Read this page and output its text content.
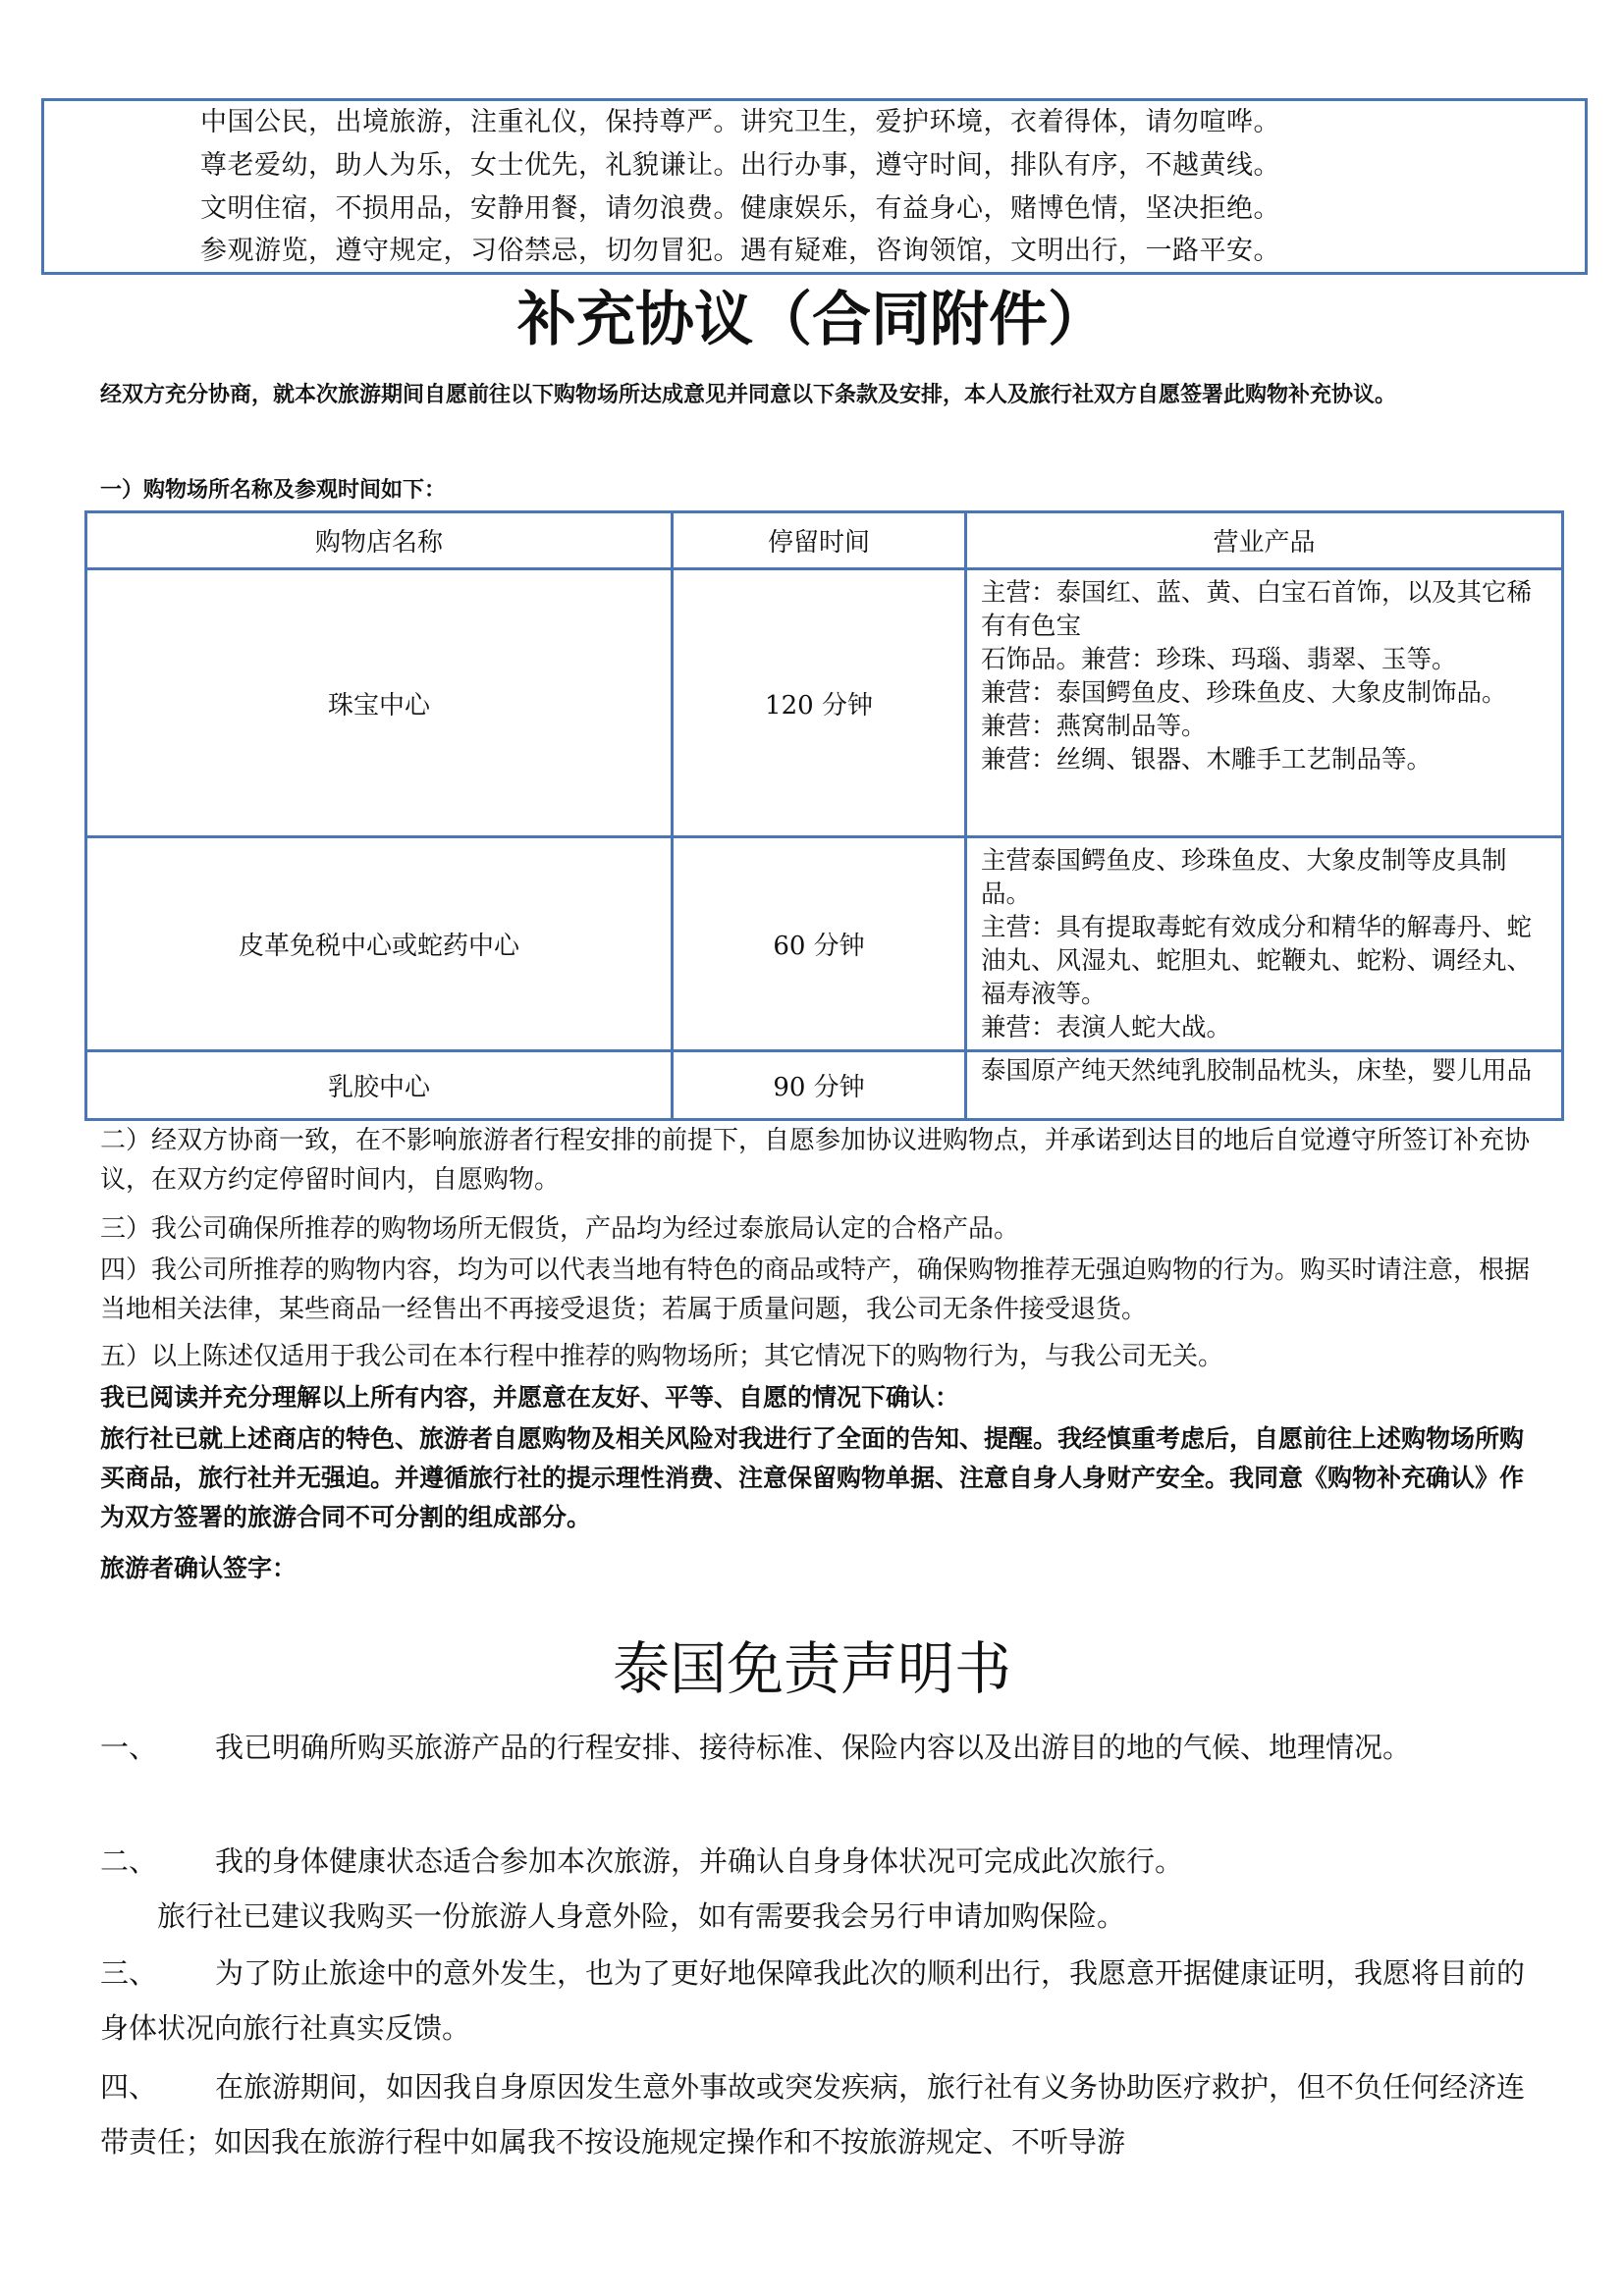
中国公民，出境旅游，注重礼仪，保持尊严。讲究卫生，爱护环境，衣着得体，请勿喧哗。
尊老爱幼，助人为乐，女士优先，礼貌谦让。出行办事，遵守时间，排队有序，不越黄线。
文明住宿，不损用品，安静用餐，请勿浪费。健康娱乐，有益身心，赌博色情，坚决拒绝。
参观游览，遵守规定，习俗禁忌，切勿冒犯。遇有疑难，咨询领馆，文明出行，一路平安。
补充协议（合同附件）
经双方充分协商，就本次旅游期间自愿前往以下购物场所达成意见并同意以下条款及安排，本人及旅行社双方自愿签署此购物补充协议。
一）购物场所名称及参观时间如下：
购物店名称	停留时间	营业产品
珠宝中心	120 分钟	主营：泰国红、蓝、黄、白宝石首饰，以及其它稀有有色宝
石饰品。兼营：珍珠、玛瑙、翡翠、玉等。
兼营：泰国鳄鱼皮、珍珠鱼皮、大象皮制饰品。
兼营：燕窝制品等。
兼营：丝绸、银器、木雕手工艺制品等。

皮革免税中心或蛇药中心	60 分钟	主营泰国鳄鱼皮、珍珠鱼皮、大象皮制等皮具制品。
主营：具有提取毒蛇有效成分和精华的解毒丹、蛇油丸、风湿丸、蛇胆丸、蛇鞭丸、蛇粉、调经丸、福寿液等。
兼营：表演人蛇大战。

乳胶中心	90 分钟	泰国原产纯天然纯乳胶制品枕头，床垫，婴儿用品
二）经双方协商一致，在不影响旅游者行程安排的前提下，自愿参加协议进购物点，并承诺到达目的地后自觉遵守所签订补充协议，在双方约定停留时间内，自愿购物。
三）我公司确保所推荐的购物场所无假货，产品均为经过泰旅局认定的合格产品。
四）我公司所推荐的购物内容，均为可以代表当地有特色的商品或特产，确保购物推荐无强迫购物的行为。购买时请注意，根据当地相关法律，某些商品一经售出不再接受退货；若属于质量问题，我公司无条件接受退货。
五）以上陈述仅适用于我公司在本行程中推荐的购物场所；其它情况下的购物行为，与我公司无关。
我已阅读并充分理解以上所有内容，并愿意在友好、平等、自愿的情况下确认：
旅行社已就上述商店的特色、旅游者自愿购物及相关风险对我进行了全面的告知、提醒。我经慎重考虑后，自愿前往上述购物场所购买商品，旅行社并无强迫。并遵循旅行社的提示理性消费、注意保留购物单据、注意自身人身财产安全。我同意《购物补充确认》作为双方签署的旅游合同不可分割的组成部分。
旅游者确认签字：
泰国免责声明书
一、	我已明确所购买旅游产品的行程安排、接待标准、保险内容以及出游目的地的气候、地理情况。
二、	我的身体健康状态适合参加本次旅游，并确认自身身体状况可完成此次旅行。
旅行社已建议我购买一份旅游人身意外险，如有需要我会另行申请加购保险。
三、	为了防止旅途中的意外发生，也为了更好地保障我此次的顺利出行，我愿意开据健康证明，我愿将目前的身体状况向旅行社真实反馈。
四、	在旅游期间，如因我自身原因发生意外事故或突发疾病，旅行社有义务协助医疗救护，但不负任何经济连带责任；如因我在旅游行程中如属我不按设施规定操作和不按旅游规定、不听导游
